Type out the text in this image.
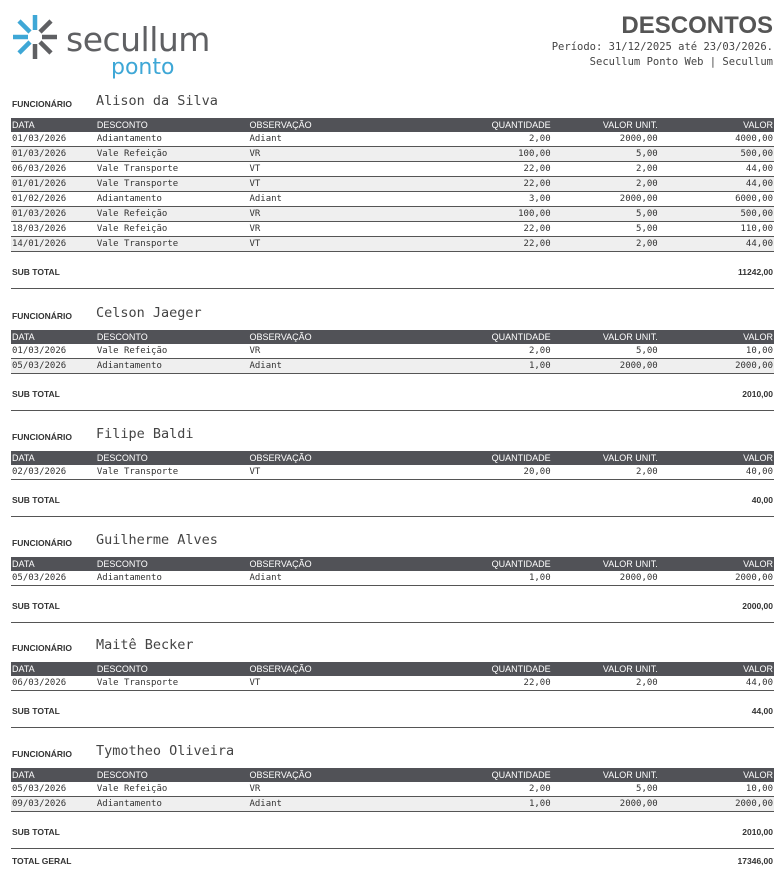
secullum
ponto
DESCONTOS
Período: 31/12/2025 até 23/03/2026.
Secullum Ponto Web | Secullum
FUNCIONÁRIO Alison da Silva
DATA	DESCONTO	OBSERVAÇÃO	QUANTIDADE	VALOR UNIT.	VALOR
01/03/2026	Adiantamento	Adiant	2,00	2000,00	4000,00
01/03/2026	Vale Refeição	VR	100,00	5,00	500,00
06/03/2026	Vale Transporte	VT	22,00	2,00	44,00
01/01/2026	Vale Transporte	VT	22,00	2,00	44,00
01/02/2026	Adiantamento	Adiant	3,00	2000,00	6000,00
01/03/2026	Vale Refeição	VR	100,00	5,00	500,00
18/03/2026	Vale Refeição	VR	22,00	5,00	110,00
14/01/2026	Vale Transporte	VT	22,00	2,00	44,00
SUB TOTAL	11242,00
FUNCIONÁRIO Celson Jaeger
DATA	DESCONTO	OBSERVAÇÃO	QUANTIDADE	VALOR UNIT.	VALOR
01/03/2026	Vale Refeição	VR	2,00	5,00	10,00
05/03/2026	Adiantamento	Adiant	1,00	2000,00	2000,00
SUB TOTAL	2010,00
FUNCIONÁRIO Filipe Baldi
DATA	DESCONTO	OBSERVAÇÃO	QUANTIDADE	VALOR UNIT.	VALOR
02/03/2026	Vale Transporte	VT	20,00	2,00	40,00
SUB TOTAL	40,00
FUNCIONÁRIO Guilherme Alves
DATA	DESCONTO	OBSERVAÇÃO	QUANTIDADE	VALOR UNIT.	VALOR
05/03/2026	Adiantamento	Adiant	1,00	2000,00	2000,00
SUB TOTAL	2000,00
FUNCIONÁRIO Maitê Becker
DATA	DESCONTO	OBSERVAÇÃO	QUANTIDADE	VALOR UNIT.	VALOR
06/03/2026	Vale Transporte	VT	22,00	2,00	44,00
SUB TOTAL	44,00
FUNCIONÁRIO Tymotheo Oliveira
DATA	DESCONTO	OBSERVAÇÃO	QUANTIDADE	VALOR UNIT.	VALOR
05/03/2026	Vale Refeição	VR	2,00	5,00	10,00
09/03/2026	Adiantamento	Adiant	1,00	2000,00	2000,00
SUB TOTAL	2010,00
TOTAL GERAL	17346,00
